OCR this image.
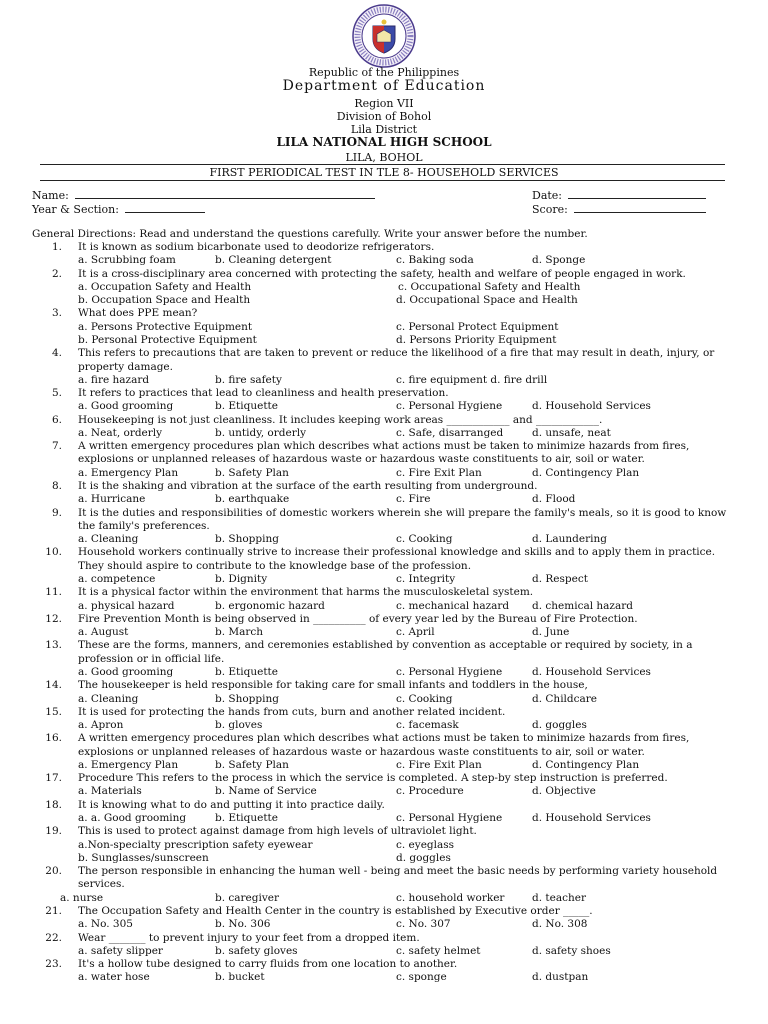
Republic of the Philippines
Department of Education
Region VII
Division of Bohol
Lila District
LILA NATIONAL HIGH SCHOOL
LILA, BOHOL
FIRST PERIODICAL TEST IN TLE 8- HOUSEHOLD SERVICES
Name:
Year & Section:
Date:
Score:
General Directions: Read and understand the questions carefully. Write your answer before the number.
1. It is known as sodium bicarbonate used to deodorize refrigerators.
a. Scrubbing foam	b. Cleaning detergent	c. Baking soda	d. Sponge
2. It is a cross-disciplinary area concerned with protecting the safety, health and welfare of people engaged in work.
a. Occupation Safety and Health	c. Occupational Safety and Health
b. Occupation Space and Health	d. Occupational Space and Health
3. What does PPE mean?
a. Persons Protective Equipment	c. Personal Protect Equipment
b. Personal Protective Equipment	d. Persons Priority Equipment
4. This refers to precautions that are taken to prevent or reduce the likelihood of a fire that may result in death, injury, or
property damage.
a. fire hazard	b. fire safety	c. fire equipment d. fire drill
5. It refers to practices that lead to cleanliness and health preservation.
a. Good grooming	b. Etiquette	c. Personal Hygiene	d. Household Services
6. Housekeeping is not just cleanliness. It includes keeping work areas ____________ and ____________.
a. Neat, orderly	b. untidy, orderly	c. Safe, disarranged	d. unsafe, neat
7. A written emergency procedures plan which describes what actions must be taken to minimize hazards from fires,
explosions or unplanned releases of hazardous waste or hazardous waste constituents to air, soil or water.
a. Emergency Plan	b. Safety Plan	c. Fire Exit Plan	d. Contingency Plan
8. It is the shaking and vibration at the surface of the earth resulting from underground.
a. Hurricane	b. earthquake	c. Fire	d. Flood
9. It is the duties and responsibilities of domestic workers wherein she will prepare the family's meals, so it is good to know
the family's preferences.
a. Cleaning	b. Shopping	c. Cooking	d. Laundering
10. Household workers continually strive to increase their professional knowledge and skills and to apply them in practice.
They should aspire to contribute to the knowledge base of the profession.
a. competence	b. Dignity	c. Integrity	d. Respect
11. It is a physical factor within the environment that harms the musculoskeletal system.
a. physical hazard	b. ergonomic hazard	c. mechanical hazard d. chemical hazard
12. Fire Prevention Month is being observed in __________ of every year led by the Bureau of Fire Protection.
a. August	b. March	c. April	d. June
13. These are the forms, manners, and ceremonies established by convention as acceptable or required by society, in a
profession or in official life.
a. Good grooming	b. Etiquette	c. Personal Hygiene	d. Household Services
14. The housekeeper is held responsible for taking care for small infants and toddlers in the house,
a. Cleaning	b. Shopping	c. Cooking	d. Childcare
15. It is used for protecting the hands from cuts, burn and another related incident.
a. Apron	b. gloves	c. facemask	d. goggles
16. A written emergency procedures plan which describes what actions must be taken to minimize hazards from fires,
explosions or unplanned releases of hazardous waste or hazardous waste constituents to air, soil or water.
a. Emergency Plan	b. Safety Plan	c. Fire Exit Plan	d. Contingency Plan
17. Procedure This refers to the process in which the service is completed. A step-by step instruction is preferred.
a. Materials	b. Name of Service	c. Procedure	d. Objective
18. It is knowing what to do and putting it into practice daily.
a. a. Good grooming	b. Etiquette	c. Personal Hygiene	d. Household Services
19. This is used to protect against damage from high levels of ultraviolet light.
a.Non-specialty prescription safety eyewear	c. eyeglass
b. Sunglasses/sunscreen	d. goggles
20. The person responsible in enhancing the human well - being and meet the basic needs by performing variety household
services.
a. nurse	b. caregiver	c. household worker	d. teacher
21. The Occupation Safety and Health Center in the country is established by Executive order _____.
a. No. 305	b. No. 306	c. No. 307	d. No. 308
22. Wear _______ to prevent injury to your feet from a dropped item.
a. safety slipper	b. safety gloves	c. safety helmet	d. safety shoes
23. It's a hollow tube designed to carry fluids from one location to another.
a. water hose	b. bucket	c. sponge	d. dustpan
